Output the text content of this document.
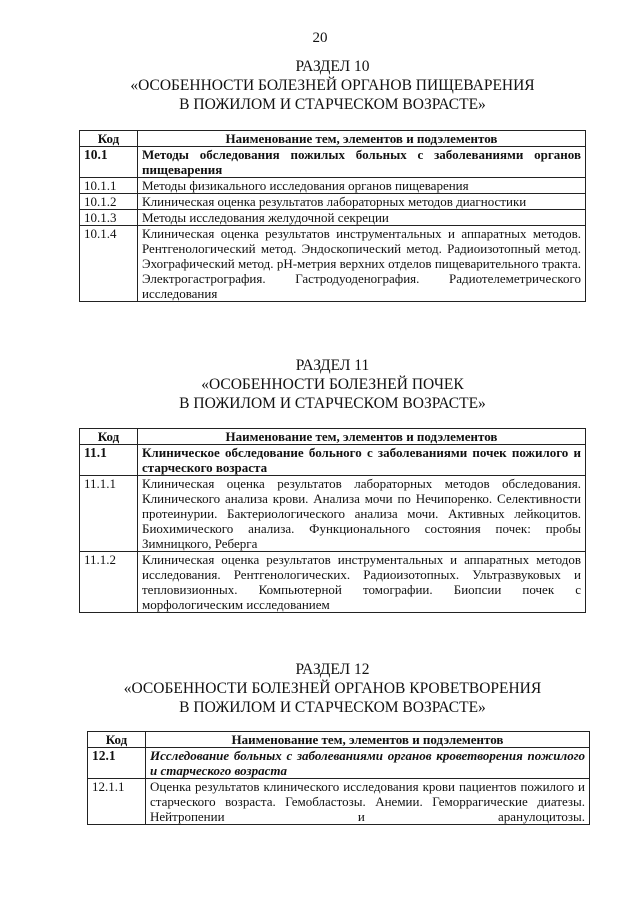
20
РАЗДЕЛ 10
«ОСОБЕННОСТИ БОЛЕЗНЕЙ ОРГАНОВ ПИЩЕВАРЕНИЯ
В ПОЖИЛОМ И СТАРЧЕСКОМ ВОЗРАСТЕ»
Код	Наименование тем, элементов и подэлементов
10.1	Методы обследования пожилых больных с заболеваниями органов пищеварения
10.1.1	Методы физикального исследования органов пищеварения
10.1.2	Клиническая оценка результатов лабораторных методов диагностики
10.1.3	Методы исследования желудочной секреции
10.1.4	Клиническая оценка результатов инструментальных и аппаратных методов. Рентгенологический метод. Эндоскопический метод. Радиоизотопный метод. Эхографический метод. pH-метрия верхних отделов пищеварительного тракта. Электрогастрография. Гастродуоденография. Радиотелеметрического исследования
РАЗДЕЛ 11
«ОСОБЕННОСТИ БОЛЕЗНЕЙ ПОЧЕК
В ПОЖИЛОМ И СТАРЧЕСКОМ ВОЗРАСТЕ»
Код	Наименование тем, элементов и подэлементов
11.1	Клиническое обследование больного с заболеваниями почек пожилого и старческого возраста
11.1.1	Клиническая оценка результатов лабораторных методов обследования. Клинического анализа крови. Анализа мочи по Нечипоренко. Селективности протеинурии. Бактериологического анализа мочи. Активных лейкоцитов. Биохимического анализа. Функционального состояния почек: пробы Зимницкого, Реберга
11.1.2	Клиническая оценка результатов инструментальных и аппаратных методов исследования. Рентгенологических. Радиоизотопных. Ультразвуковых и тепловизионных. Компьютерной томографии. Биопсии почек с морфологическим исследованием
РАЗДЕЛ 12
«ОСОБЕННОСТИ БОЛЕЗНЕЙ ОРГАНОВ КРОВЕТВОРЕНИЯ
В ПОЖИЛОМ И СТАРЧЕСКОМ ВОЗРАСТЕ»
Код	Наименование тем, элементов и подэлементов
12.1	Исследование больных с заболеваниями органов кроветворения пожилого и старческого возраста
12.1.1	Оценка результатов клинического исследования крови пациентов пожилого и старческого возраста. Гемобластозы. Анемии. Геморрагические диатезы. Нейтропении и аранулоцитозы.
